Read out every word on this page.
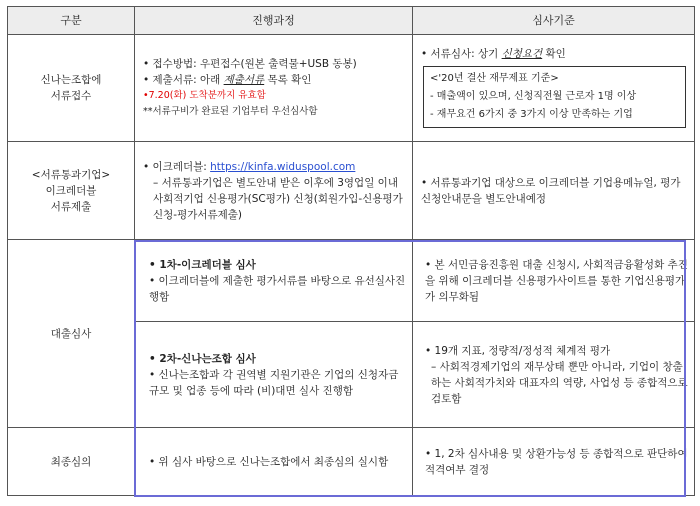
구분	진행과정	심사기준

신나는조합에
서류접수	• 접수방법: 우편접수(원본 출력물+USB 동봉)
• 제출서류: 아래 제출서류 목록 확인
•7.20(화) 도착분까지 유효함
**서류구비가 완료된 기업부터 우선심사함	• 서류심사: 상기 신청요건 확인
<'20년 결산 재무제표 기준>
- 매출액이 있으며, 신청직전월 근로자 1명 이상
- 재무요건 6가지 중 3가지 이상 만족하는 기업

<서류통과기업>
이크레더블
서류제출	• 이크레더블: https://kinfa.widuspool.com
– 서류통과기업은 별도안내 받은 이후에 3영업일 이내 사회적기업 신용평가(SC평가) 신청(회원가입-신용평가신청-평가서류제출)	• 서류통과기업 대상으로 이크레더블 기업용메뉴얼, 평가신청안내문을 별도안내예정

대출심사	• 1차-이크레더블 심사
• 이크레더블에 제출한 평가서류를 바탕으로 유선실사진행함	• 본 서민금융진흥원 대출 신청시, 사회적금융활성화 추진을 위해 이크레더블 신용평가사이트를 통한 기업신용평가가 의무화됨

	• 2차-신나는조합 심사
• 신나는조합과 각 권역별 지원기관은 기업의 신청자금 규모 및 업종 등에 따라 (비)대면 실사 진행함	• 19개 지표, 정량적/정성적 체계적 평가
– 사회적경제기업의 재무상태 뿐만 아니라, 기업이 창출하는 사회적가치와 대표자의 역량, 사업성 등 종합적으로 검토함

최종심의	• 위 심사 바탕으로 신나는조합에서 최종심의 실시함	• 1, 2차 심사내용 및 상환가능성 등 종합적으로 판단하여 적격여부 결정
